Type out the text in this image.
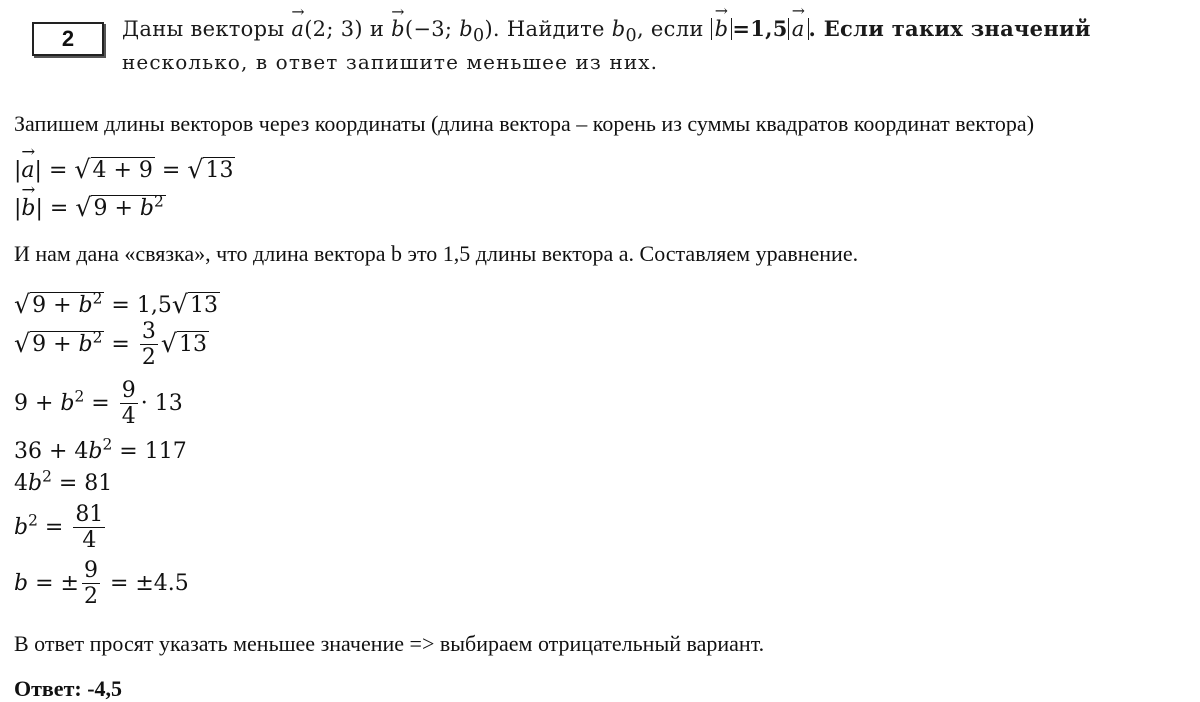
2	Даны векторы → a(2; 3) и → b(−3; $b_0$). Найдите $b_0$, если → b =1,5→ a . Если таких значений
несколько, в ответ запишите меньшее из них.
Запишем длины векторов через координаты (длина вектора – корень из суммы квадратов координат вектора)
|→ a| = √4 + 9 = √13
|→ $b| = √9 + b^2$
И нам дана «связка», что длина вектора b это 1,5 длины вектора a. Составляем уравнение.
$√9 + b^2 = 1,5√13$
$√9 + b^2 = \frac{3}{2} √13$
$9 + b^2 = \frac{9}{4} \cdot 13$
$36 + 4b^2 = 117$
$4b^2 = 81$
$b^2 = \frac{81}{4}$
b = ± $\frac{9}{2} = \pm 4.5$
В ответ просят указать меньшее значение => выбираем отрицательный вариант.
Ответ: -4,5
